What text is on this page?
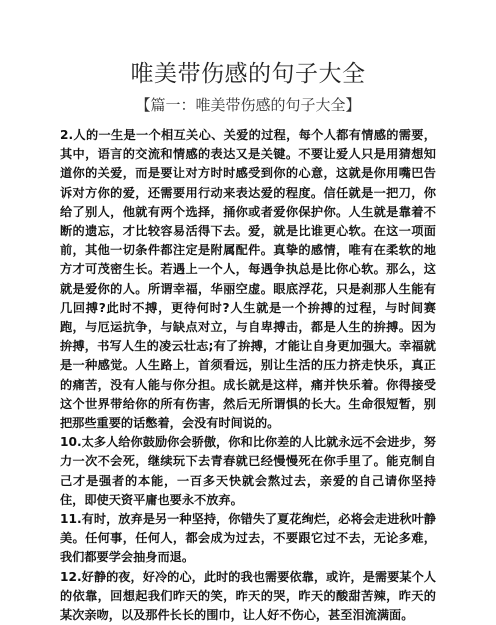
唯美带伤感的句子大全
【篇一：唯美带伤感的句子大全】

2.人的一生是一个相互关心、关爱的过程，每个人都有情感的需要，其中，语言的交流和情感的表达又是关键。不要让爱人只是用猜想知道你的关爱，而是要让对方时时感受到你的心意，这就是你用嘴巴告诉对方你的爱，还需要用行动来表达爱的程度。信任就是一把刀，你给了别人，他就有两个选择，捅你或者爱你保护你。人生就是靠着不断的遗忘，才比较容易活得下去。爱，就是比谁更心软。在这一项面前，其他一切条件都注定是附属配件。真挚的感情，唯有在柔软的地方才可茂密生长。若遇上一个人，每遇争执总是比你心软。那么，这就是爱你的人。所谓幸福，华丽空虚。眼底浮花，只是刹那人生能有几回搏?此时不搏，更待何时?人生就是一个拚搏的过程，与时间赛跑，与厄运抗争，与缺点对立，与自卑搏击，都是人生的拚搏。因为拚搏，书写人生的凌云壮志;有了拚搏，才能让自身更加强大。幸福就是一种感觉。人生路上，首须看远，别让生活的压力挤走快乐，真正的痛苦，没有人能与你分担。成长就是这样，痛并快乐着。你得接受这个世界带给你的所有伤害，然后无所谓惧的长大。生命很短暂，别把那些重要的话憋着，会没有时间说的。

10.太多人给你鼓励你会骄傲，你和比你差的人比就永远不会进步，努力一次不会死，继续玩下去青春就已经慢慢死在你手里了。能克制自己才是强者的本能，一百多天快就会熬过去，亲爱的自己请你坚持住，即使天资平庸也要永不放弃。

11.有时，放弃是另一种坚持，你错失了夏花绚烂，必将会走进秋叶静美。任何事，任何人，都会成为过去，不要跟它过不去，无论多难，我们都要学会抽身而退。

12.好静的夜，好冷的心，此时的我也需要依靠，或许，是需要某个人的依靠，回想起我们昨天的笑，昨天的哭，昨天的酸甜苦辣，昨天的某次亲吻，以及那件长长的围巾，让人好不伤心，甚至泪流满面。
